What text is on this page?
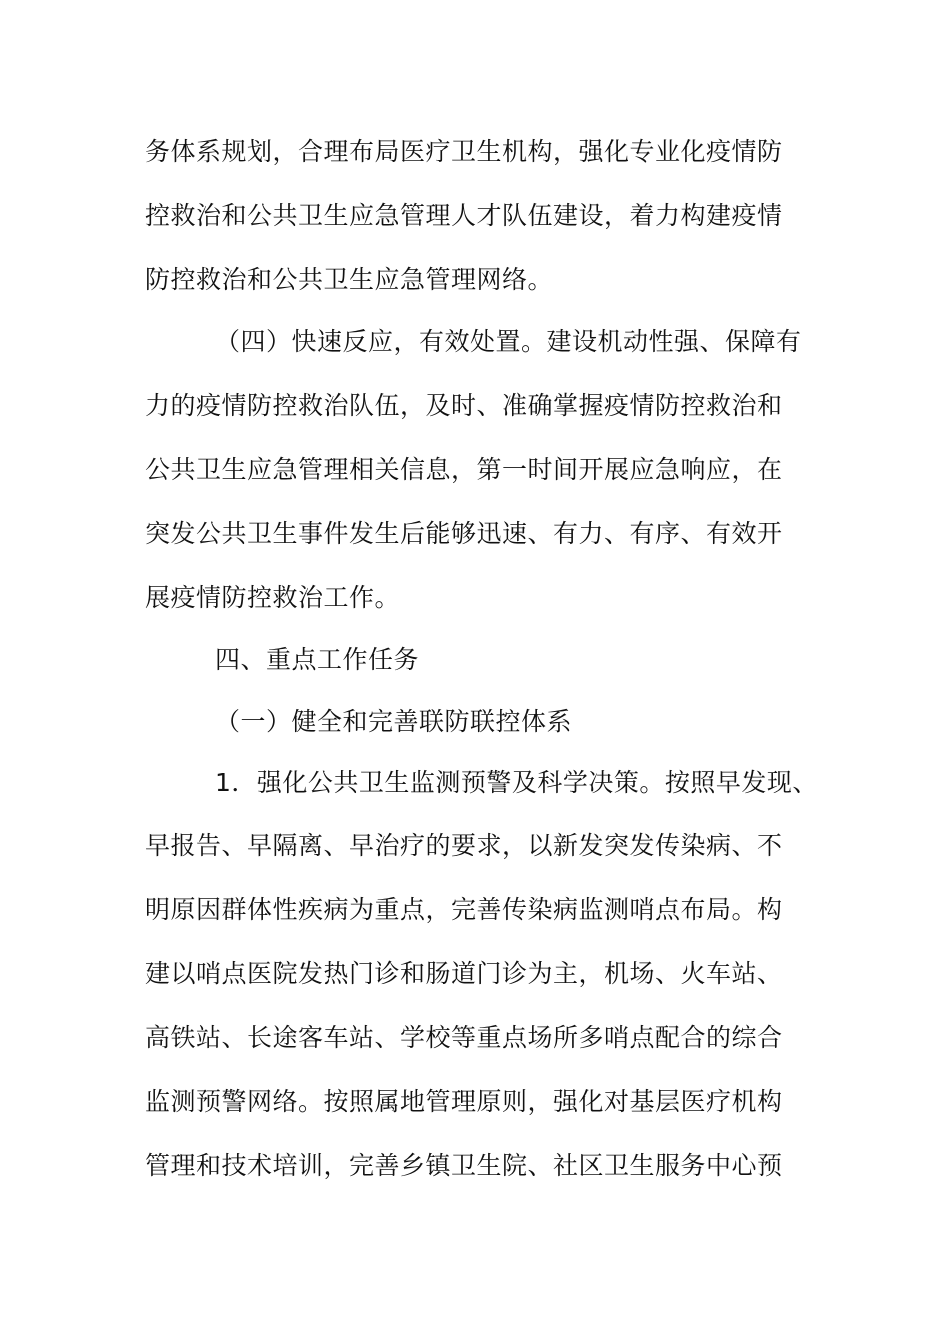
务体系规划，合理布局医疗卫生机构，强化专业化疫情防
控救治和公共卫生应急管理人才队伍建设，着力构建疫情
防控救治和公共卫生应急管理网络。
（四）快速反应，有效处置。建设机动性强、保障有
力的疫情防控救治队伍，及时、准确掌握疫情防控救治和
公共卫生应急管理相关信息，第一时间开展应急响应，在
突发公共卫生事件发生后能够迅速、有力、有序、有效开
展疫情防控救治工作。
四、重点工作任务
（一）健全和完善联防联控体系
1．强化公共卫生监测预警及科学决策。按照早发现、
早报告、早隔离、早治疗的要求，以新发突发传染病、不
明原因群体性疾病为重点，完善传染病监测哨点布局。构
建以哨点医院发热门诊和肠道门诊为主，机场、火车站、
高铁站、长途客车站、学校等重点场所多哨点配合的综合
监测预警网络。按照属地管理原则，强化对基层医疗机构
管理和技术培训，完善乡镇卫生院、社区卫生服务中心预
